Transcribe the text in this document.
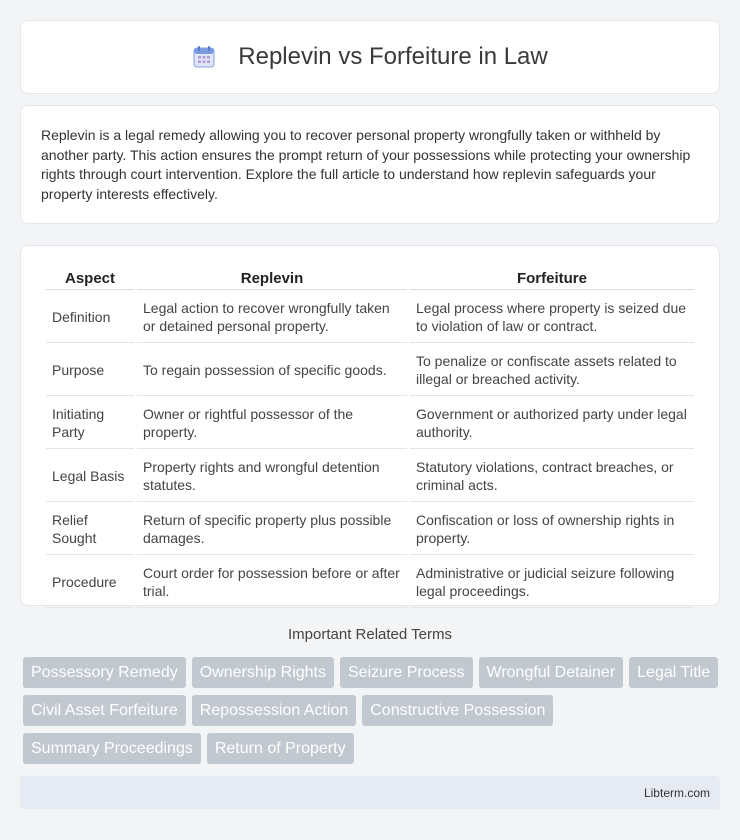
Replevin vs Forfeiture in Law

Replevin is a legal remedy allowing you to recover personal property wrongfully taken or withheld by another party. This action ensures the prompt return of your possessions while protecting your ownership rights through court intervention. Explore the full article to understand how replevin safeguards your property interests effectively.

Aspect	Replevin	Forfeiture
Definition	Legal action to recover wrongfully taken or detained personal property.	Legal process where property is seized due to violation of law or contract.
Purpose	To regain possession of specific goods.	To penalize or confiscate assets related to illegal or breached activity.
Initiating Party	Owner or rightful possessor of the property.	Government or authorized party under legal authority.
Legal Basis	Property rights and wrongful detention statutes.	Statutory violations, contract breaches, or criminal acts.
Relief Sought	Return of specific property plus possible damages.	Confiscation or loss of ownership rights in property.
Procedure	Court order for possession before or after trial.	Administrative or judicial seizure following legal proceedings.
Important Related Terms
Possessory Remedy	Ownership Rights	Seizure Process	Wrongful Detainer	Legal Title
Civil Asset Forfeiture	Repossession Action	Constructive Possession
Summary Proceedings	Return of Property
Libterm.com
